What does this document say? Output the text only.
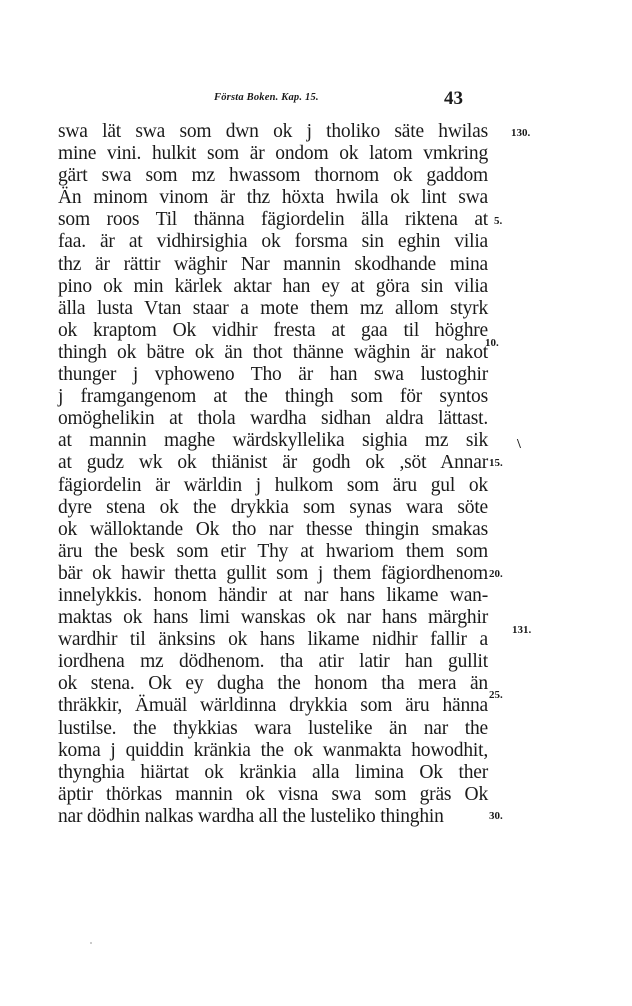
Första Boken. Kap. 15.	43
swa lät swa som dwn ok j tholiko säte hwilas
mine vini. hulkit som är ondom ok latom vmkring
gärt swa som mz hwassom thornom ok gaddom
Än minom vinom är thz höxta hwila ok lint swa
som roos Til thänna fägiordelin älla riktena at
faa. är at vidhirsighia ok forsma sin eghin vilia
thz är rättir wäghir Nar mannin skodhande mina
pino ok min kärlek aktar han ey at göra sin vilia
älla lusta Vtan staar a mote them mz allom styrk
ok kraptom Ok vidhir fresta at gaa til höghre
thingh ok bätre ok än thot thänne wäghin är nakot
thunger j vphoweno Tho är han swa lustoghir
j framgangenom at the thingh som för syntos
omöghelikin at thola wardha sidhan aldra lättast.
at mannin maghe wärdskyllelika sighia mz sik
at gudz wk ok thiänist är godh ok ,söt Annar
fägiordelin är wärldin j hulkom som äru gul ok
dyre stena ok the drykkia som synas wara söte
ok wälloktande Ok tho nar thesse thingin smakas
äru the besk som etir Thy at hwariom them som
bär ok hawir thetta gullit som j them fägiordhenom
innelykkis. honom händir at nar hans likame wan-
maktas ok hans limi wanskas ok nar hans märghir
wardhir til änksins ok hans likame nidhir fallir a
iordhena mz dödhenom. tha atir latir han gullit
ok stena. Ok ey dugha the honom tha mera än
thräkkir, Ämuäl wärldinna drykkia som äru hänna
lustilse. the thykkias wara lustelike än nar the
koma j quiddin kränkia the ok wanmakta howodhit,
thynghia hiärtat ok kränkia alla limina Ok ther
äptir thörkas mannin ok visna swa som gräs Ok
nar dödhin nalkas wardha all the lusteliko thinghin
130.
5.
10.
\
15.
20.
131.
25.
30.
